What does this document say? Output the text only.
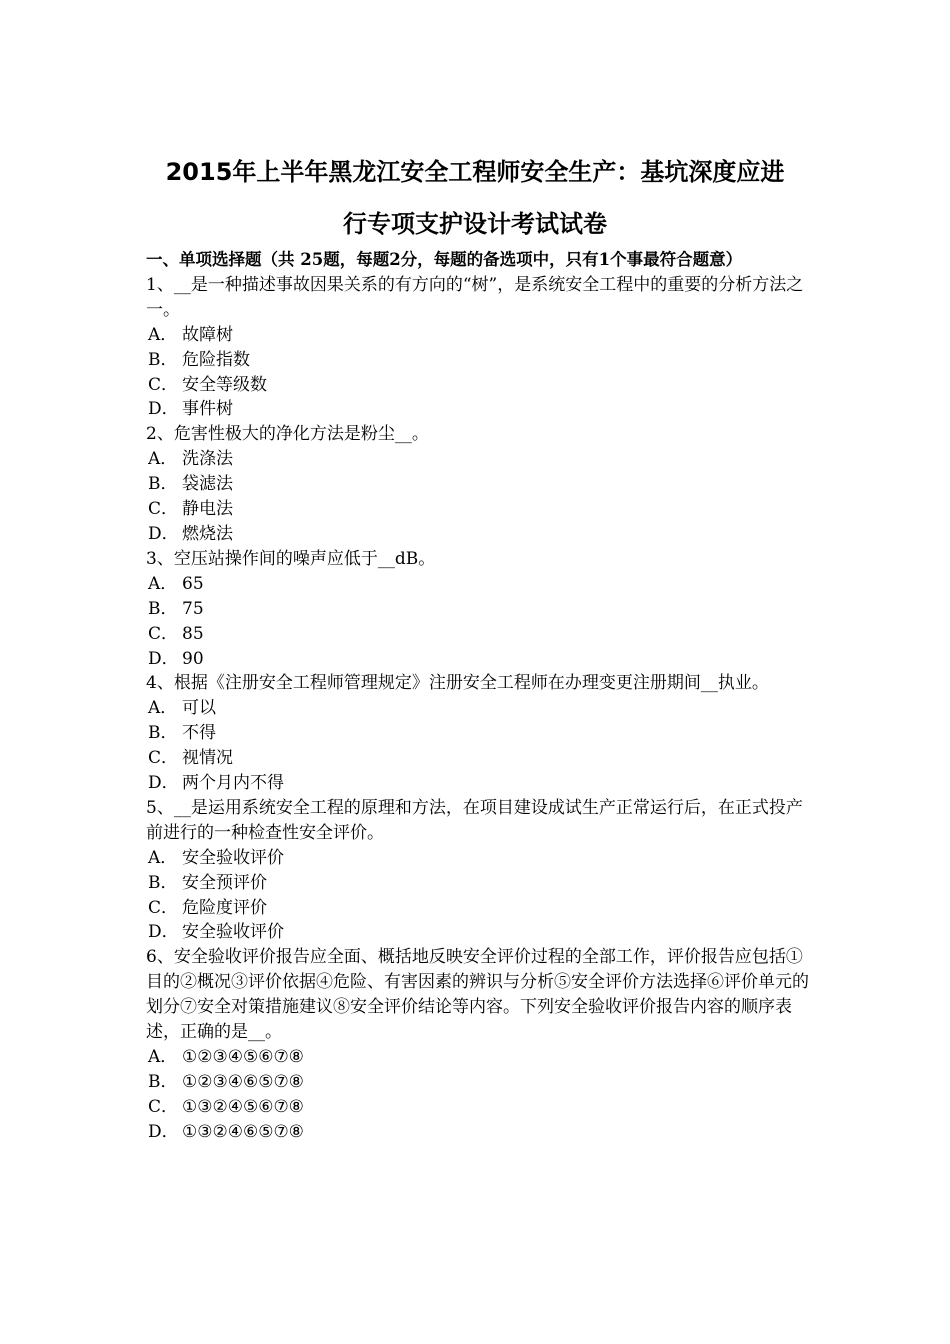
2015年上半年黑龙江安全工程师安全生产：基坑深度应进
行专项支护设计考试试卷
一、单项选择题（共 25题，每题2分，每题的备选项中，只有1个事最符合题意）
1、__是一种描述事故因果关系的有方向的“树”，是系统安全工程中的重要的分析方法之一。
A． 故障树
B． 危险指数
C． 安全等级数
D． 事件树
2、危害性极大的净化方法是粉尘__。
A． 洗涤法
B． 袋滤法
C． 静电法
D． 燃烧法
3、空压站操作间的噪声应低于__dB。
A． 65
B． 75
C． 85
D． 90
4、根据《注册安全工程师管理规定》注册安全工程师在办理变更注册期间__执业。
A． 可以
B． 不得
C． 视情况
D． 两个月内不得
5、__是运用系统安全工程的原理和方法，在项目建设成试生产正常运行后，在正式投产前进行的一种检查性安全评价。
A． 安全验收评价
B． 安全预评价
C． 危险度评价
D． 安全验收评价
6、安全验收评价报告应全面、概括地反映安全评价过程的全部工作，评价报告应包括①目的②概况③评价依据④危险、有害因素的辨识与分析⑤安全评价方法选择⑥评价单元的划分⑦安全对策措施建议⑧安全评价结论等内容。下列安全验收评价报告内容的顺序表述，正确的是__。
A． ①②③④⑤⑥⑦⑧
B． ①②③④⑥⑤⑦⑧
C． ①③②④⑤⑥⑦⑧
D． ①③②④⑥⑤⑦⑧
